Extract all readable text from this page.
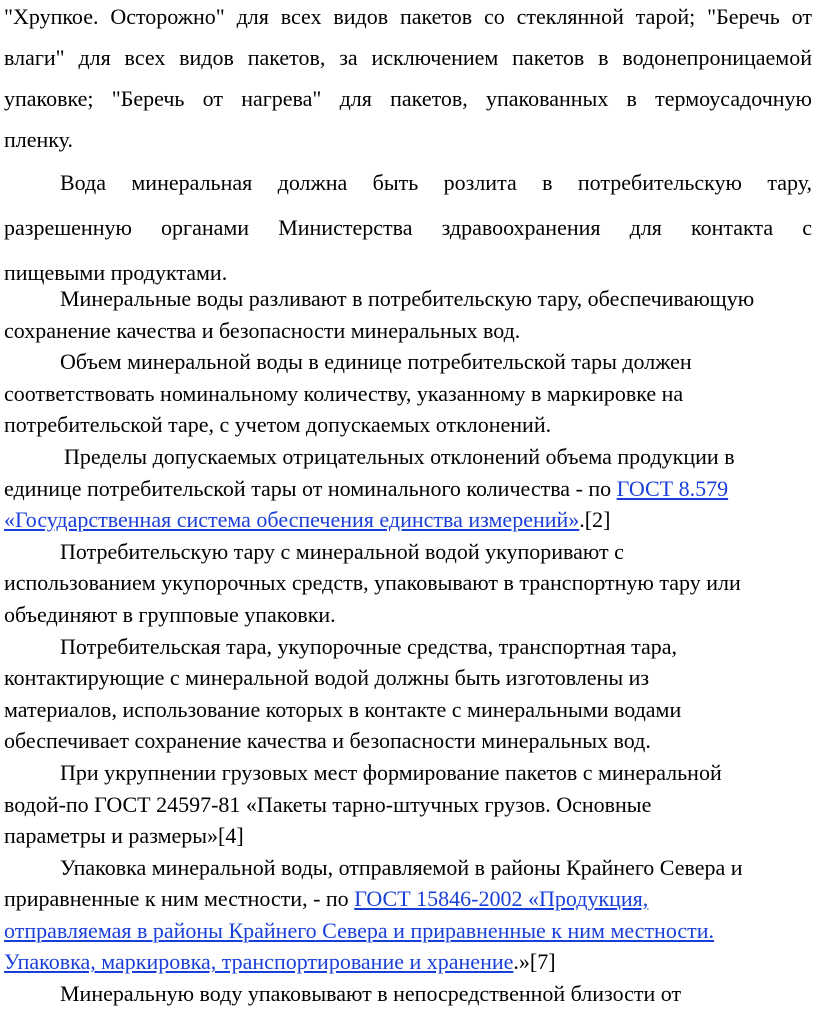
"Хрупкое. Осторожно" для всех видов пакетов со стеклянной тарой; "Беречь от
влаги" для всех видов пакетов, за исключением пакетов в водонепроницаемой
упаковке; "Беречь от нагрева" для пакетов, упакованных в термоусадочную
пленку.
Вода минеральная должна быть розлита в потребительскую тару,
разрешенную органами Министерства здравоохранения для контакта с
пищевыми продуктами.
Минеральные воды разливают в потребительскую тару, обеспечивающую
сохранение качества и безопасности минеральных вод.
Объем минеральной воды в единице потребительской тары должен
соответствовать номинальному количеству, указанному в маркировке на
потребительской таре, с учетом допускаемых отклонений.
Пределы допускаемых отрицательных отклонений объема продукции в
единице потребительской тары от номинального количества - по ГОСТ 8.579
«Государственная система обеспечения единства измерений».[2]
Потребительскую тару с минеральной водой укупоривают с
использованием укупорочных средств, упаковывают в транспортную тару или
объединяют в групповые упаковки.
Потребительская тара, укупорочные средства, транспортная тара,
контактирующие с минеральной водой должны быть изготовлены из
материалов, использование которых в контакте с минеральными водами
обеспечивает сохранение качества и безопасности минеральных вод.
При укрупнении грузовых мест формирование пакетов с минеральной
водой-по ГОСТ 24597-81 «Пакеты тарно-штучных грузов. Основные
параметры и размеры»[4]
Упаковка минеральной воды, отправляемой в районы Крайнего Севера и
приравненные к ним местности, - по ГОСТ 15846-2002 «Продукция,
отправляемая в районы Крайнего Севера и приравненные к ним местности.
Упаковка, маркировка, транспортирование и хранение.»[7]
Минеральную воду упаковывают в непосредственной близости от
